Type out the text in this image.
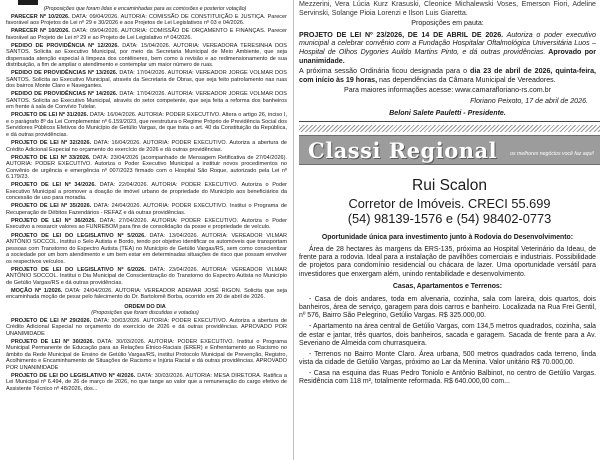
(Proposições que foram lidas e encaminhadas para as comissões e posterior votação)

PARECER Nº 10/2026. DATA: 09/04/2026. AUTORIA: COMISSÃO DE CONSTITUIÇÃO E JUSTIÇA. Parecer favorável aos Projetos de Lei nº 29 e 30/2026 e aos Projetos de Lei Legislativos nº 03 e 04/2026.

PARECER Nº 10/2026. DATA: 09/04/2026. AUTORIA: COMISSÃO DE ORÇAMENTO E FINANÇAS. Parecer favorável ao Projeto de Lei nº 29 e ao Projeto de Lei Legislativo nº 04/2026.

PEDIDO DE PROVIDÊNCIA Nº 12/2026. DATA: 15/04/2026. AUTORIA: VEREADORA TERESINHA DOS SANTOS. Solicita ao Executivo Municipal, por meio da Secretaria Municipal de Meio Ambiente, que seja dispensada atenção especial à limpeza dos contêineres, bem como à revisão e ao redimensionamento de sua distribuição, a fim de ampliar o atendimento e contemplar um maior número de ruas.

PEDIDO DE PROVIDÊNCIAS Nº 13/2026. DATA: 17/04/2026. AUTORIA: VEREADOR JORGE VOLMAR DOS SANTOS. Solicita ao Executivo Municipal, através da Secretaria de Obras, que seja feito patrolamento nas ruas dos bairros Monte Claro e Navegantes.

PEDIDO DE PROVIDÊNCIAS Nº 14/2026. DATA: 17/04/2026. AUTORIA: VEREADOR JORGE VOLMAR DOS SANTOS. Solicita ao Executivo Municipal, através do setor competente, que seja feita a reforma dos banheiros em frente à sala de Convívio Tutelar.

PROJETO DE LEI Nº 31/2026. DATA: 16/04/2026. AUTORIA: PODER EXECUTIVO. Altera o artigo 26, inciso I, e o parágrafo 8º da Lei Complementar nº 6.159/2023, que reestrutura o Regime Próprio de Previdência Social dos Servidores Públicos Efetivos do Município de Getúlio Vargas, de que trata o art. 40 da Constituição da República, e dá outras providências.

PROJETO DE LEI Nº 32/2026. DATA: 16/04/2026. AUTORIA: PODER EXECUTIVO. Autoriza a abertura de Crédito Adicional Especial no orçamento do exercício de 2026 e dá outras providências.

PROJETO DE LEI Nº 33/2026. DATA: 23/04/2026 (acompanhado de Mensagem Retificativa de 27/04/2026). AUTORIA: PODER EXECUTIVO. Autoriza o Poder Executivo Municipal a instituir novos procedimentos no Convênio de urgência e emergência nº 007/2023 firmado com o Hospital São Roque, autorizado pela Lei nº 6.179/23.

PROJETO DE LEI Nº 34/2026. DATA: 22/04/2026. AUTORIA: PODER EXECUTIVO. Autoriza o Poder Executivo Municipal a promover a doação de imóvel urbano de propriedade do Município aos beneficiários da concessão de uso para moradia.

PROJETO DE LEI Nº 35/2026. DATA: 24/04/2026. AUTORIA: PODER EXECUTIVO. Institui o Programa de Recuperação de Débitos Fazendários - REFAZ e dá outras providências.

PROJETO DE LEI Nº 36/2026. DATA: 27/04/2026. AUTORIA: PODER EXECUTIVO. Autoriza o Poder Executivo a ressarcir valores ao FUNREBOM para fins de consolidação da posse e propriedade de veículo.

PROJETO DE LEI DO LEGISLATIVO Nº 5/2026. DATA: 13/04/2026. AUTORIA: VEREADOR VILMAR ANTÔNIO SOCCOL. Institui o Selo Autista e Bordo, tendo por objetivo identificar os automóveis que transportam pessoas com Transtorno do Espectro Autista (TEA) no Município de Getúlio Vargas/RS, sem como conscientizar a sociedade por um bom atendimento e um bem estar em determinadas situações de risco que possam envolver os respectivos veículos.

PROJETO DE LEI DO LEGISLATIVO Nº 6/2026. DATA: 23/04/2026. AUTORIA: VEREADOR VILMAR ANTÔNIO SOCCOL. Institui o Dia Municipal de Conscientização do Transtorno do Espectro Autista no Município de Getúlio Vargas/RS e dá outras providências.

MOÇÃO Nº 1/2026. DATA: 24/04/2026. AUTORIA: VEREADOR ADEMAR JOSÉ RIGON. Solicita que seja encaminhada moção de pesar pelo falecimento do Dr. Bartolomê Borba, ocorrido em 20 de abril de 2026.

ORDEM DO DIA

(Proposições que foram discutidas e votadas)

PROJETO DE LEI Nº 29/2026. DATA: 30/03/2026. AUTORIA: PODER EXECUTIVO. Autoriza a abertura de Crédito Adicional Especial no orçamento do exercício de 2026 e dá outras providências. APROVADO POR UNANIMIDADE

PROJETO DE LEI Nº 30/2026. DATA: 30/03/2026. AUTORIA: PODER EXECUTIVO. Institui o Programa Municipal Permanente de Educação para as Relações Étnico-Raciais (ERER) e Enfrentamento ao Racismo no âmbito da Rede Municipal de Ensino de Getúlio Vargas/RS, institui Protocolo Municipal de Prevenção, Registro, Acolhimento e Encaminhamento de Situações de Racismo e Injúria Racial e dá outras providências. APROVADO POR UNANIMIDADE

PROJETO DE LEI DO LEGISLATIVO Nº 4/2026. DATA: 30/03/2026. AUTORIA: MESA DIRETORA. Ratifica a Lei Municipal nº 6.494, de 26 de março de 2026, no que tange ao valor que a remuneração do cargo efetivo de Assistente Técnico nº 48/2026, dos...

Mezzerini, Vera Lúcia Kurz Krasuski, Cleonice Michalewski Voses, Emerson Fiori, Adeline Servinski, Solange Pioia Lorenzi e Ilson Luis Giaretta.

Proposições em pauta:

PROJETO DE LEI Nº 23/2026, DE 14 DE ABRIL DE 2026. Autoriza o poder executivo municipal a celebrar convênio com a Fundação Hospitalar Oftalmológica Universitária Luos – Hospital de Olhos Dygories Auildo Martins Pinto, e dá outras providências. Aprovado por unanimidade.

A próxima sessão Ordinária ficou designada para o dia 23 de abril de 2026, quinta-feira, com início às 19 horas, nas dependências da Câmara Municipal de Vereadores.

Para maiores informações acesse: www.camarafloriano-rs.com.br

Floriano Peixoto, 17 de abril de 2026.

Beloni Salete Pauletti - Presidente.

Classi Regional	os melhores negócios você faz aqui!
Rui Scalon
Corretor de Imóveis. CRECI 55.699
(54) 98139-1576 e (54) 98402-0773

Oportunidade única para investimento junto à Rodovia do Desenvolvimento:

Área de 28 hectares às margens da ERS-135, próxima ao Hospital Veterinário da Ideau, de frente para a rodovia. Ideal para a instalação de pavilhões comerciais e industriais. Possibilidade de projetos para condomínio residencial ou chácara de lazer. Uma oportunidade versátil para investidores que enxergam além, unindo rentabilidade e desenvolvimento.

Casas, Apartamentos e Terrenos:

- Casa de dois andares, toda em alvenaria, cozinha, sala com lareira, dois quartos, dois banheiros, área de serviço, garagem para dois carros e banheiro. Localizada na Rua Frei Gentil, nº 576, Bairro São Pelegrino, Getúlio Vargas. R$ 325.000,00.

- Apartamento na área central de Getúlio Vargas, com 134,5 metros quadrados, cozinha, sala de estar e jantar, três quartos, dois banheiros, sacada e garagem. Sacada de frente para a Av. Severiano de Almeida com churrasqueira.

- Terrenos no Bairro Monte Claro. Área urbana, 500 metros quadrados cada terreno, linda vista da cidade de Getúlio Vargas, próximo ao Lar da Menina. Valor unitário R$ 70.000,00.

- Casa na esquina das Ruas Pedro Toniolo e Antônio Balbinot, no centro de Getúlio Vargas. Residência com 118 m², totalmente reformada. R$ 640.000,00 com...
